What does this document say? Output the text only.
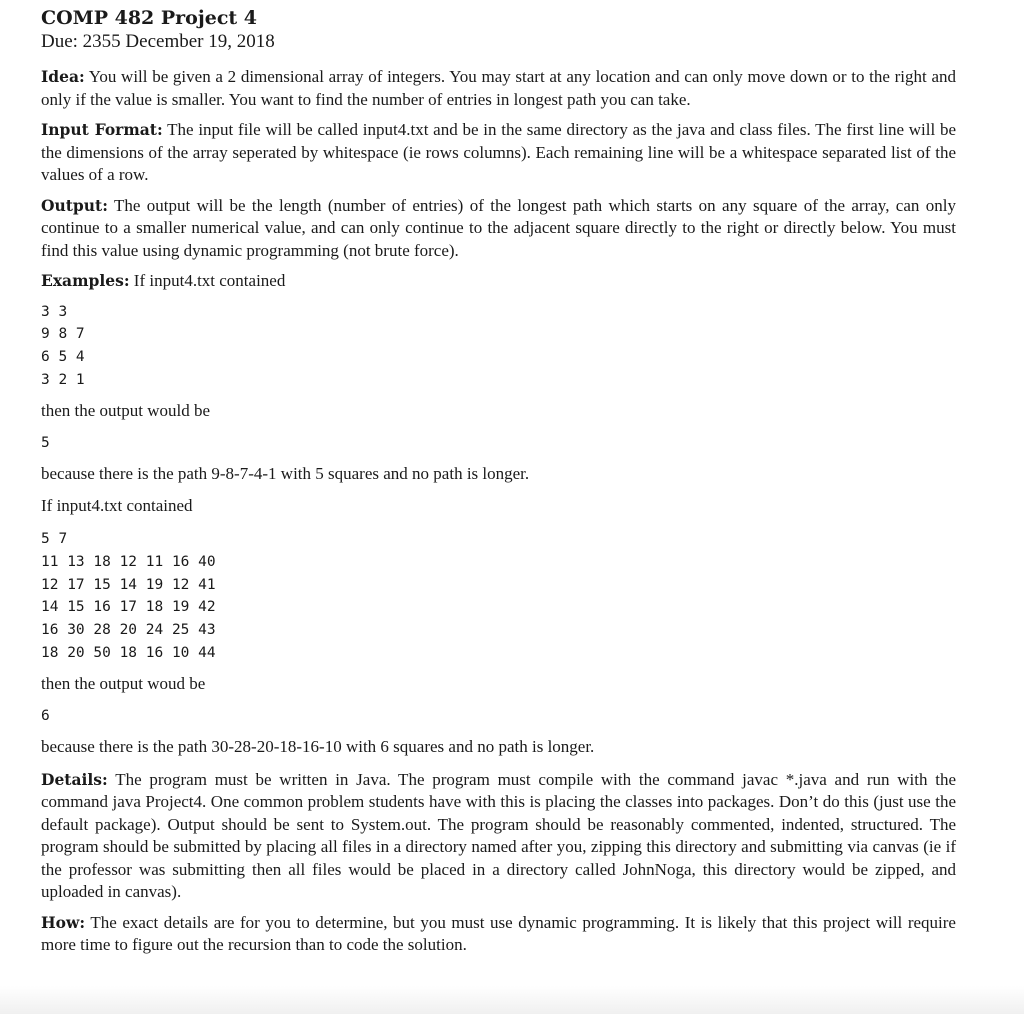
COMP 482 Project 4

Due: 2355 December 19, 2018

Idea: You will be given a 2 dimensional array of integers. You may start at any location and can only move down or to the right and only if the value is smaller. You want to find the number of entries in longest path you can take.

Input Format: The input file will be called input4.txt and be in the same directory as the java and class files. The first line will be the dimensions of the array seperated by whitespace (ie rows columns). Each remaining line will be a whitespace separated list of the values of a row.

Output: The output will be the length (number of entries) of the longest path which starts on any square of the array, can only continue to a smaller numerical value, and can only continue to the adjacent square directly to the right or directly below. You must find this value using dynamic programming (not brute force).

Examples: If input4.txt contained

3 3
9 8 7
6 5 4
3 2 1

then the output would be

5

because there is the path 9-8-7-4-1 with 5 squares and no path is longer.

If input4.txt contained

5 7
11 13 18 12 11 16 40
12 17 15 14 19 12 41
14 15 16 17 18 19 42
16 30 28 20 24 25 43
18 20 50 18 16 10 44

then the output woud be

6

because there is the path 30-28-20-18-16-10 with 6 squares and no path is longer.

Details: The program must be written in Java. The program must compile with the command javac *.java and run with the command java Project4. One common problem students have with this is placing the classes into packages. Don’t do this (just use the default package). Output should be sent to System.out. The program should be reasonably commented, indented, structured. The program should be submitted by placing all files in a directory named after you, zipping this directory and submitting via canvas (ie if the professor was submitting then all files would be placed in a directory called JohnNoga, this directory would be zipped, and uploaded in canvas).

How: The exact details are for you to determine, but you must use dynamic programming. It is likely that this project will require more time to figure out the recursion than to code the solution.
